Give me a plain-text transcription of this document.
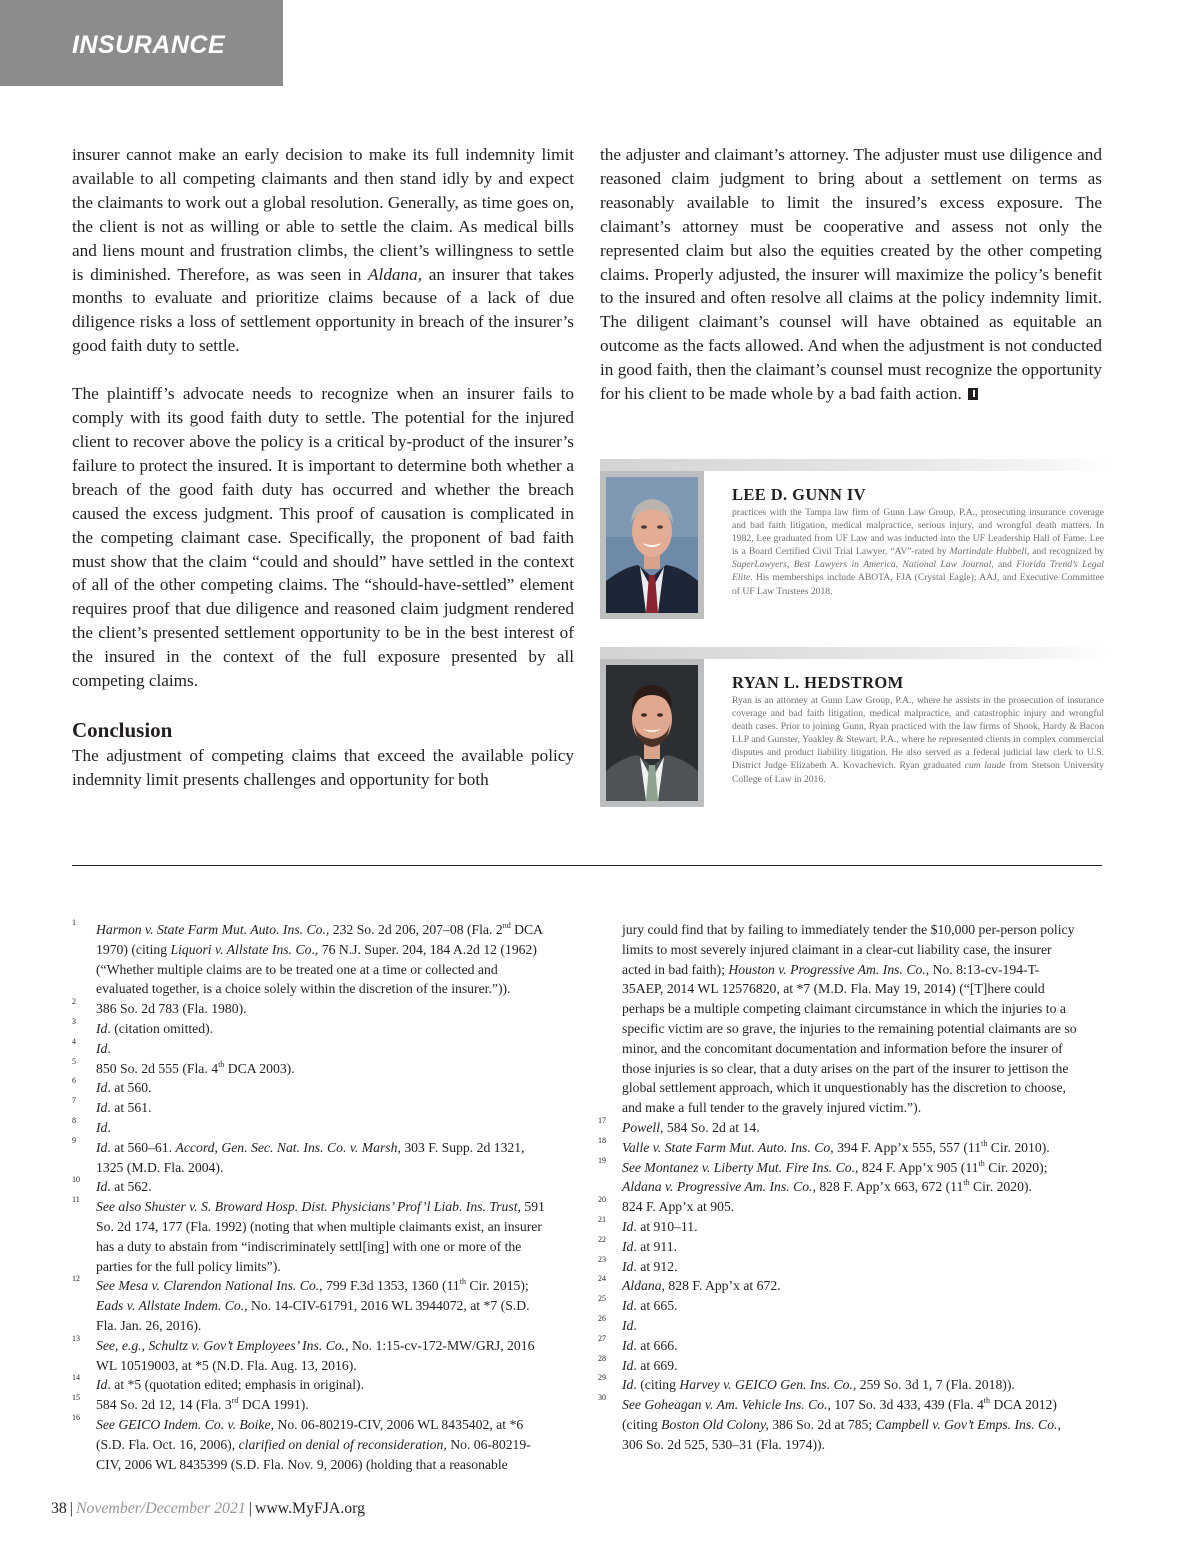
INSURANCE

insurer cannot make an early decision to make its full indemnity limit available to all competing claimants and then stand idly by and expect the claimants to work out a global resolution. Generally, as time goes on, the client is not as willing or able to settle the claim. As medical bills and liens mount and frustration climbs, the client’s willingness to settle is diminished. Therefore, as was seen in Aldana, an insurer that takes months to evaluate and prioritize claims because of a lack of due diligence risks a loss of settlement opportunity in breach of the insurer’s good faith duty to settle.

The plaintiff’s advocate needs to recognize when an insurer fails to comply with its good faith duty to settle. The potential for the injured client to recover above the policy is a critical by-product of the insurer’s failure to protect the insured. It is important to determine both whether a breach of the good faith duty has occurred and whether the breach caused the excess judgment. This proof of causation is complicated in the competing claimant case. Specifically, the proponent of bad faith must show that the claim “could and should” have settled in the context of all of the other competing claims. The “should-have-settled” element requires proof that due diligence and reasoned claim judgment rendered the client’s presented settlement opportunity to be in the best interest of the insured in the context of the full exposure presented by all competing claims.

Conclusion

The adjustment of competing claims that exceed the available policy indemnity limit presents challenges and opportunity for both

the adjuster and claimant’s attorney. The adjuster must use diligence and reasoned claim judgment to bring about a settlement on terms as reasonably available to limit the insured’s excess exposure. The claimant’s attorney must be cooperative and assess not only the represented claim but also the equities created by the other competing claims. Properly adjusted, the insurer will maximize the policy’s benefit to the insured and often resolve all claims at the policy indemnity limit. The diligent claimant’s counsel will have obtained as equitable an outcome as the facts allowed. And when the adjustment is not conducted in good faith, then the claimant’s counsel must recognize the opportunity for his client to be made whole by a bad faith action.

LEE D. GUNN IV
practices with the Tampa law firm of Gunn Law Group, P.A., prosecuting insurance coverage and bad faith litigation, medical malpractice, serious injury, and wrongful death matters. In 1982, Lee graduated from UF Law and was inducted into the UF Leadership Hall of Fame. Lee is a Board Certified Civil Trial Lawyer, “AV”-rated by Martindale Hubbell, and recognized by SuperLawyers, Best Lawyers in America, National Law Journal, and Florida Trend’s Legal Elite. His memberships include ABOTA, FJA (Crystal Eagle); AAJ, and Executive Committee of UF Law Trustees 2018.
RYAN L. HEDSTROM
Ryan is an attorney at Gunn Law Group, P.A., where he assists in the prosecution of insurance coverage and bad faith litigation, medical malpractice, and catastrophic injury and wrongful death cases. Prior to joining Gunn, Ryan practiced with the law firms of Shook, Hardy & Bacon LLP and Gunster, Yoakley & Stewart, P.A., where he represented clients in complex commercial disputes and product liability litigation. He also served as a federal judicial law clerk to U.S. District Judge Elizabeth A. Kovachevich. Ryan graduated cum laude from Stetson University College of Law in 2016.
1 Harmon v. State Farm Mut. Auto. Ins. Co., 232 So. 2d 206, 207–08 (Fla. 2nd DCA 1970) (citing Liquori v. Allstate Ins. Co., 76 N.J. Super. 204, 184 A.2d 12 (1962) (“Whether multiple claims are to be treated one at a time or collected and evaluated together, is a choice solely within the discretion of the insurer.”)).
2 386 So. 2d 783 (Fla. 1980).
3 Id. (citation omitted).
4 Id.
5 850 So. 2d 555 (Fla. 4th DCA 2003).
6 Id. at 560.
7 Id. at 561.
8 Id.
9 Id. at 560–61. Accord, Gen. Sec. Nat. Ins. Co. v. Marsh, 303 F. Supp. 2d 1321, 1325 (M.D. Fla. 2004).
10 Id. at 562.
11 See also Shuster v. S. Broward Hosp. Dist. Physicians’ Prof’l Liab. Ins. Trust, 591 So. 2d 174, 177 (Fla. 1992) (noting that when multiple claimants exist, an insurer has a duty to abstain from “indiscriminately settl[ing] with one or more of the parties for the full policy limits”).
12 See Mesa v. Clarendon National Ins. Co., 799 F.3d 1353, 1360 (11th Cir. 2015); Eads v. Allstate Indem. Co., No. 14-CIV-61791, 2016 WL 3944072, at *7 (S.D. Fla. Jan. 26, 2016).
13 See, e.g., Schultz v. Gov’t Employees’ Ins. Co., No. 1:15-cv-172-MW/GRJ, 2016 WL 10519003, at *5 (N.D. Fla. Aug. 13, 2016).
14 Id. at *5 (quotation edited; emphasis in original).
15 584 So. 2d 12, 14 (Fla. 3rd DCA 1991).
16 See GEICO Indem. Co. v. Boike, No. 06-80219-CIV, 2006 WL 8435402, at *6 (S.D. Fla. Oct. 16, 2006), clarified on denial of reconsideration, No. 06-80219-CIV, 2006 WL 8435399 (S.D. Fla. Nov. 9, 2006) (holding that a reasonable
jury could find that by failing to immediately tender the $10,000 per-person policy limits to most severely injured claimant in a clear-cut liability case, the insurer acted in bad faith); Houston v. Progressive Am. Ins. Co., No. 8:13-cv-194-T-35AEP, 2014 WL 12576820, at *7 (M.D. Fla. May 19, 2014) (“[T]here could perhaps be a multiple competing claimant circumstance in which the injuries to a specific victim are so grave, the injuries to the remaining potential claimants are so minor, and the concomitant documentation and information before the insurer of those injuries is so clear, that a duty arises on the part of the insurer to jettison the global settlement approach, which it unquestionably has the discretion to choose, and make a full tender to the gravely injured victim.”).
17 Powell, 584 So. 2d at 14.
18 Valle v. State Farm Mut. Auto. Ins. Co, 394 F. App’x 555, 557 (11th Cir. 2010).
19 See Montanez v. Liberty Mut. Fire Ins. Co., 824 F. App’x 905 (11th Cir. 2020); Aldana v. Progressive Am. Ins. Co., 828 F. App’x 663, 672 (11th Cir. 2020).
20 824 F. App’x at 905.
21 Id. at 910–11.
22 Id. at 911.
23 Id. at 912.
24 Aldana, 828 F. App’x at 672.
25 Id. at 665.
26 Id.
27 Id. at 666.
28 Id. at 669.
29 Id. (citing Harvey v. GEICO Gen. Ins. Co., 259 So. 3d 1, 7 (Fla. 2018)).
30 See Goheagan v. Am. Vehicle Ins. Co., 107 So. 3d 433, 439 (Fla. 4th DCA 2012) (citing Boston Old Colony, 386 So. 2d at 785; Campbell v. Gov’t Emps. Ins. Co., 306 So. 2d 525, 530–31 (Fla. 1974)).
38 | November/December 2021 | www.MyFJA.org
